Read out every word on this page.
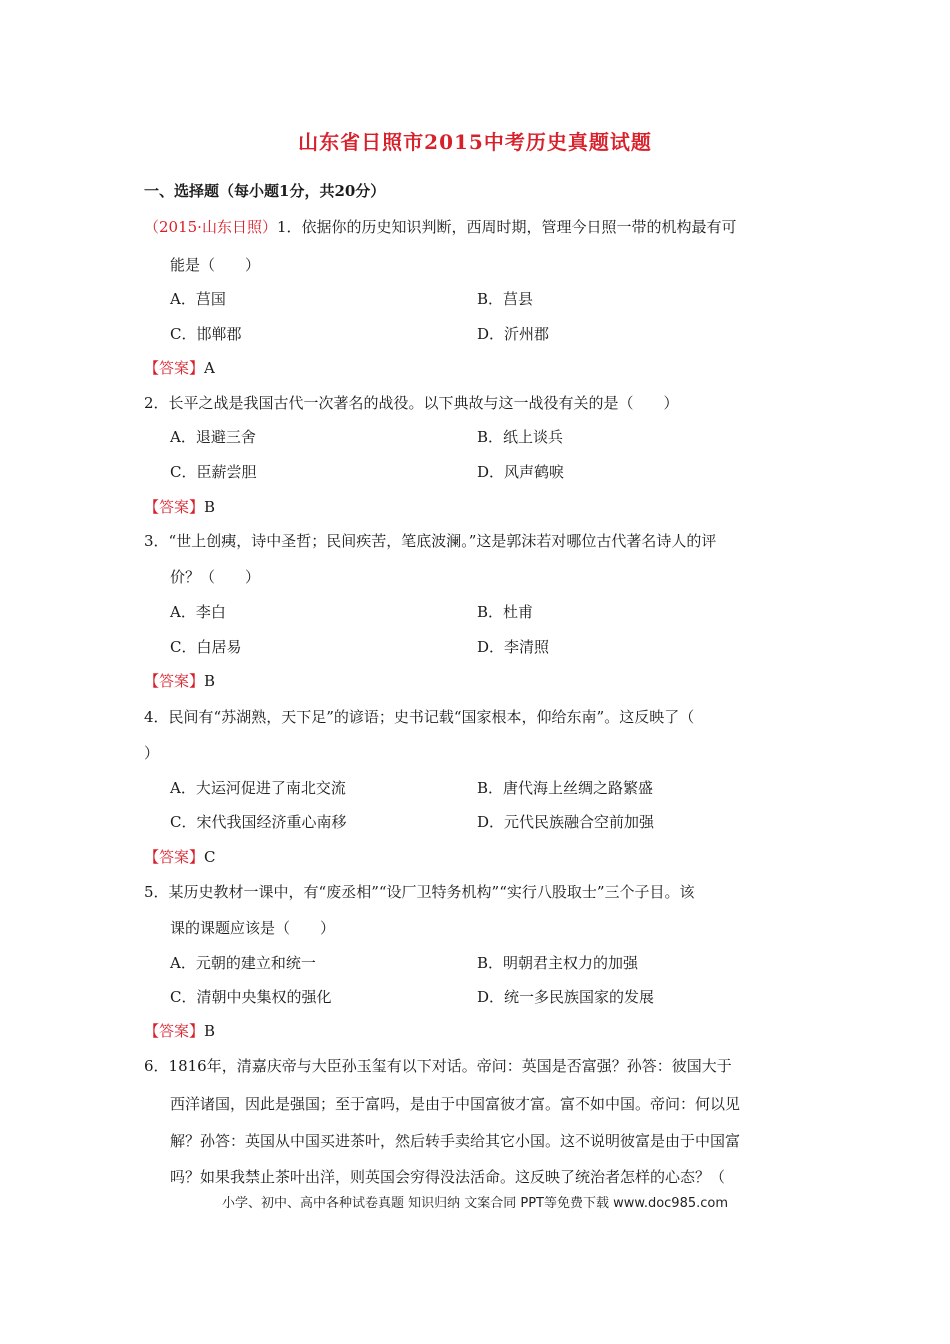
山东省日照市2015中考历史真题试题
一、选择题（每小题1分，共20分）
（2015·山东日照）1．依据你的历史知识判断，西周时期，管理今日照一带的机构最有可
能是（　　）
A．莒国	B．莒县
C．邯郸郡	D．沂州郡
【答案】A
2．长平之战是我国古代一次著名的战役。以下典故与这一战役有关的是（　　）
A．退避三舍	B．纸上谈兵
C．臣薪尝胆	D．风声鹤唳
【答案】B
3．“世上创痍，诗中圣哲；民间疾苦，笔底波澜。”这是郭沫若对哪位古代著名诗人的评
价？（　　）
A．李白	B．杜甫
C．白居易	D．李清照
【答案】B
4．民间有“苏湖熟，天下足”的谚语；史书记载“国家根本，仰给东南”。这反映了（
）
A．大运河促进了南北交流	B．唐代海上丝绸之路繁盛
C．宋代我国经济重心南移	D．元代民族融合空前加强
【答案】C
5．某历史教材一课中，有“废丞相”“设厂卫特务机构”“实行八股取士”三个子目。该
课的课题应该是（　　）
A．元朝的建立和统一	B．明朝君主权力的加强
C．清朝中央集权的强化	D．统一多民族国家的发展
【答案】B
6．1816年，清嘉庆帝与大臣孙玉玺有以下对话。帝问：英国是否富强？孙答：彼国大于
西洋诸国，因此是强国；至于富吗，是由于中国富彼才富。富不如中国。帝问：何以见
解？孙答：英国从中国买进茶叶，然后转手卖给其它小国。这不说明彼富是由于中国富
吗？如果我禁止茶叶出洋，则英国会穷得没法活命。这反映了统治者怎样的心态？（
小学、初中、高中各种试卷真题 知识归纳 文案合同 PPT等免费下载 www.doc985.com
